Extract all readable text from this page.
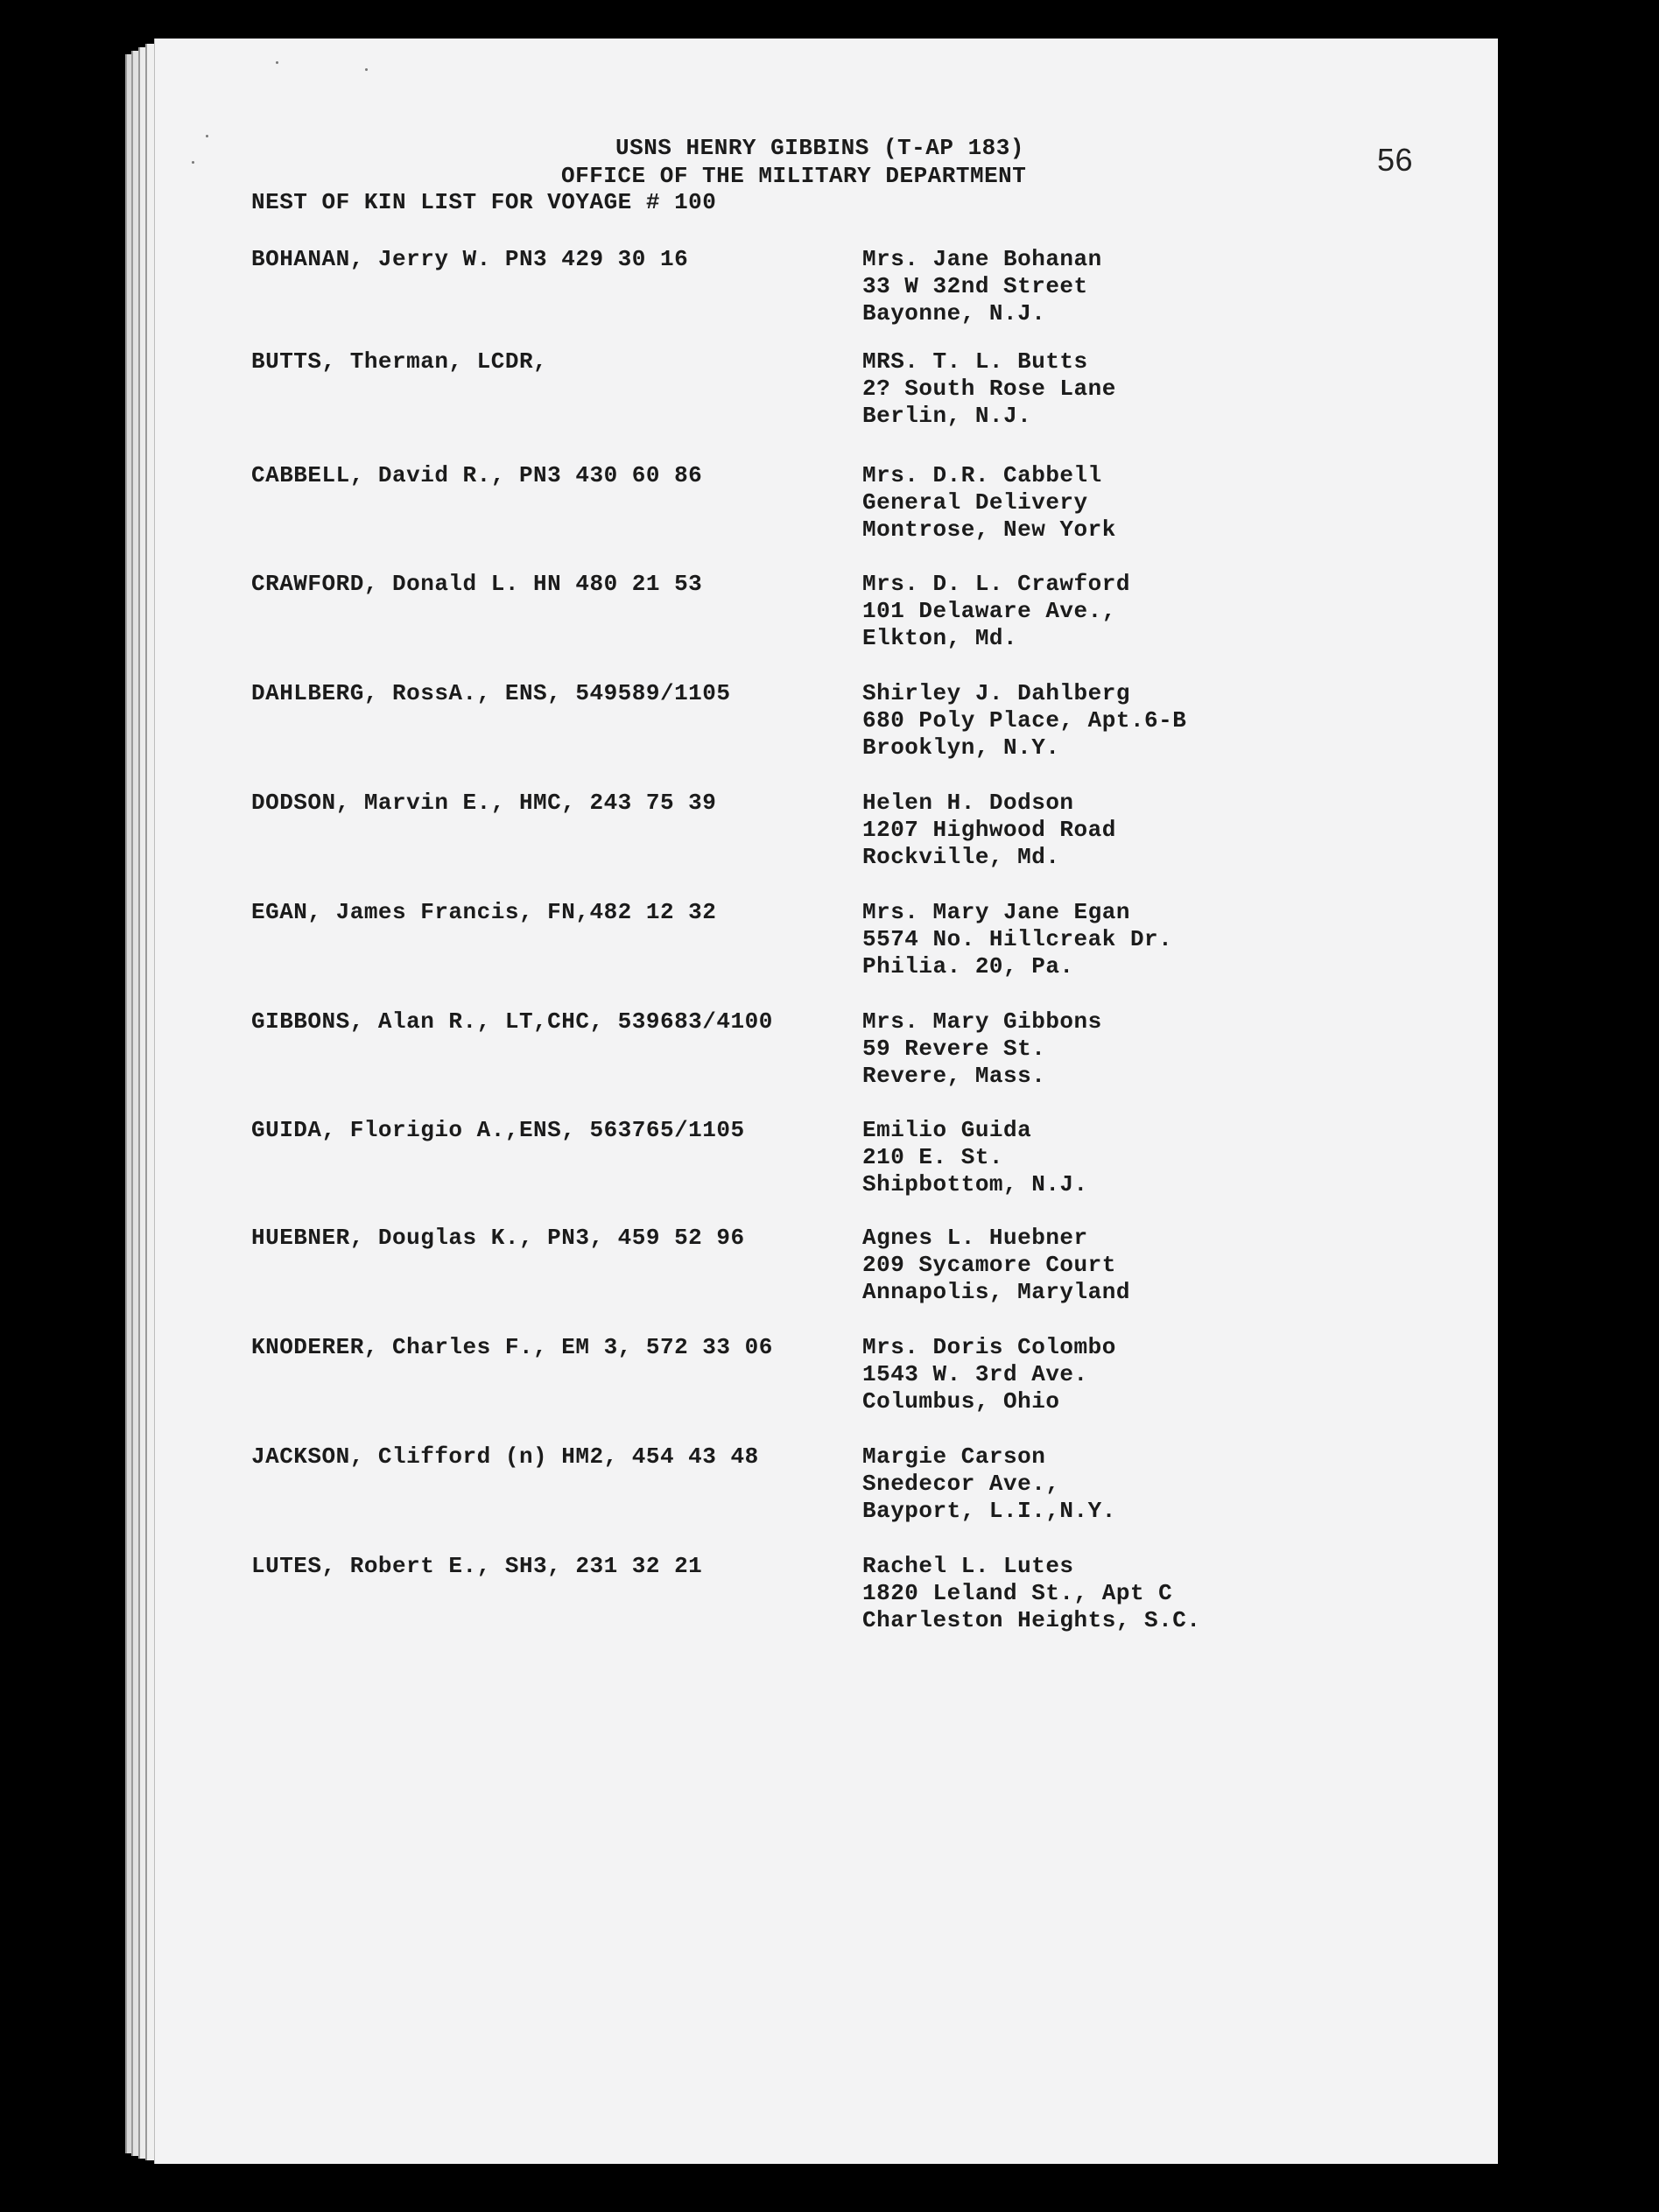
USNS HENRY GIBBINS (T-AP 183)
OFFICE OF THE MILITARY DEPARTMENT
NEST OF KIN LIST FOR VOYAGE # 100
56
BOHANAN, Jerry W. PN3 429 30 16	Mrs. Jane Bohanan
33 W 32nd Street
Bayonne, N.J.
BUTTS, Therman, LCDR,	MRS. T. L. Butts
2? South Rose Lane
Berlin, N.J.
CABBELL, David R., PN3 430 60 86	Mrs. D.R. Cabbell
General Delivery
Montrose, New York
CRAWFORD, Donald L. HN 480 21 53	Mrs. D. L. Crawford
101 Delaware Ave.,
Elkton, Md.
DAHLBERG, RossA., ENS, 549589/1105	Shirley J. Dahlberg
680 Poly Place, Apt.6-B
Brooklyn, N.Y.
DODSON, Marvin E., HMC, 243 75 39	Helen H. Dodson
1207 Highwood Road
Rockville, Md.
EGAN, James Francis, FN,482 12 32	Mrs. Mary Jane Egan
5574 No. Hillcreak Dr.
Philia. 20, Pa.
GIBBONS, Alan R., LT,CHC, 539683/4100	Mrs. Mary Gibbons
59 Revere St.
Revere, Mass.
GUIDA, Florigio A.,ENS, 563765/1105	Emilio Guida
210 E. St.
Shipbottom, N.J.
HUEBNER, Douglas K., PN3, 459 52 96	Agnes L. Huebner
209 Sycamore Court
Annapolis, Maryland
KNODERER, Charles F., EM 3, 572 33 06	Mrs. Doris Colombo
1543 W. 3rd Ave.
Columbus, Ohio
JACKSON, Clifford (n) HM2, 454 43 48	Margie Carson
Snedecor Ave.,
Bayport, L.I.,N.Y.
LUTES, Robert E., SH3, 231 32 21	Rachel L. Lutes
1820 Leland St., Apt C
Charleston Heights, S.C.
